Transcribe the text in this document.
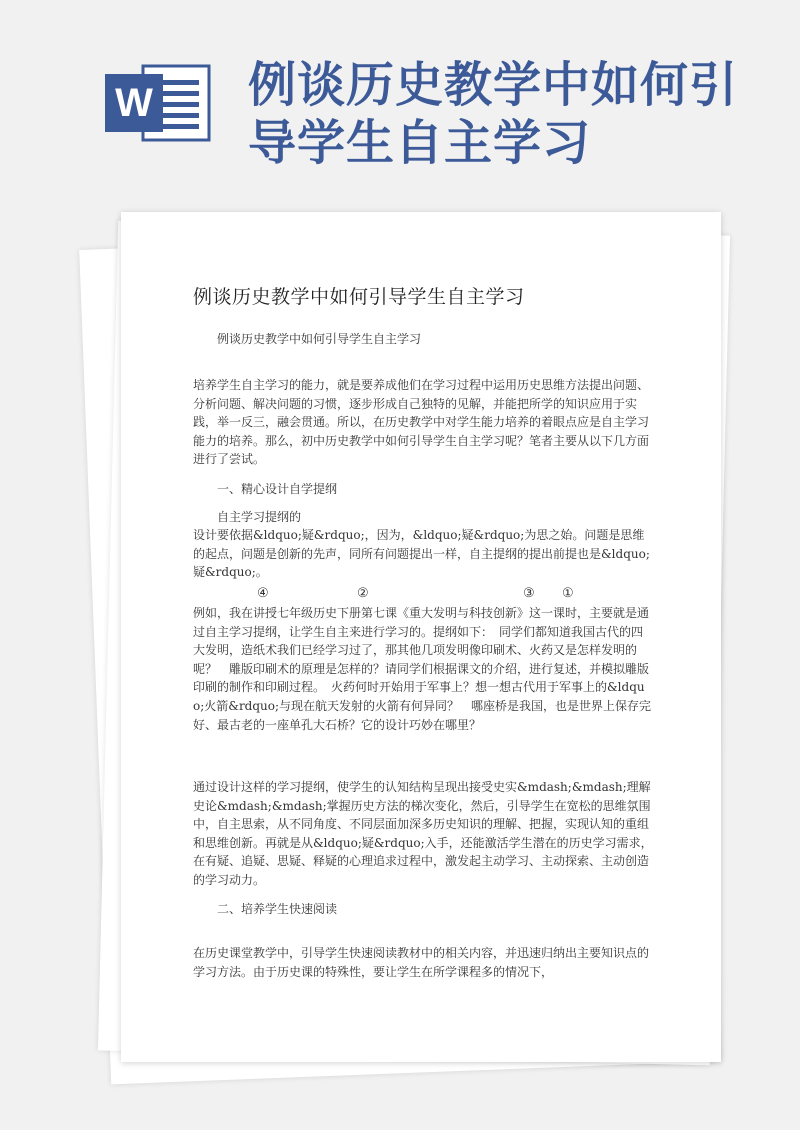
W 例谈历史教学中如何引
导学生自主学习
例谈历史教学中如何引导学生自主学习

　　例谈历史教学中如何引导学生自主学习

培养学生自主学习的能力，就是要养成他们在学习过程中运用历史思维方法提出问题、分析问题、解决问题的习惯，逐步形成自己独特的见解，并能把所学的知识应用于实践，举一反三，融会贯通。所以，在历史教学中对学生能力培养的着眼点应是自主学习能力的培养。那么，初中历史教学中如何引导学生自主学习呢？笔者主要从以下几方面进行了尝试。

　　一、精心设计自学提纲

　　自主学习提纲的

设计要依据&ldquo;疑&rdquo;，因为，&ldquo;疑&rdquo;为思之始。问题是思维的起点，问题是创新的先声，同所有问题提出一样，自主提纲的提出前提也是&ldquo;疑&rdquo;。

④	②	③ ①

例如，我在讲授七年级历史下册第七课《重大发明与科技创新》这一课时，主要就是通过自主学习提纲，让学生自主来进行学习的。提纲如下：　同学们都知道我国古代的四大发明，造纸术我们已经学习过了，那其他几项发明像印刷术、火药又是怎样发明的呢？　雕版印刷术的原理是怎样的？请同学们根据课文的介绍，进行复述，并模拟雕版印刷的制作和印刷过程。　火药何时开始用于军事上？想一想古代用于军事上的&ldquo;火箭&rdquo;与现在航天发射的火箭有何异同？　哪座桥是我国，也是世界上保存完好、最古老的一座单孔大石桥？它的设计巧妙在哪里？

通过设计这样的学习提纲，使学生的认知结构呈现出接受史实&mdash;&mdash;理解史论&mdash;&mdash;掌握历史方法的梯次变化，然后，引导学生在宽松的思维氛围中，自主思索，从不同角度、不同层面加深多历史知识的理解、把握，实现认知的重组和思维创新。再就是从&ldquo;疑&rdquo;入手，还能激活学生潜在的历史学习需求，在有疑、追疑、思疑、释疑的心理追求过程中，激发起主动学习、主动探索、主动创造的学习动力。

　　二、培养学生快速阅读

在历史课堂教学中，引导学生快速阅读教材中的相关内容，并迅速归纳出主要知识点的学习方法。由于历史课的特殊性，要让学生在所学课程多的情况下，
